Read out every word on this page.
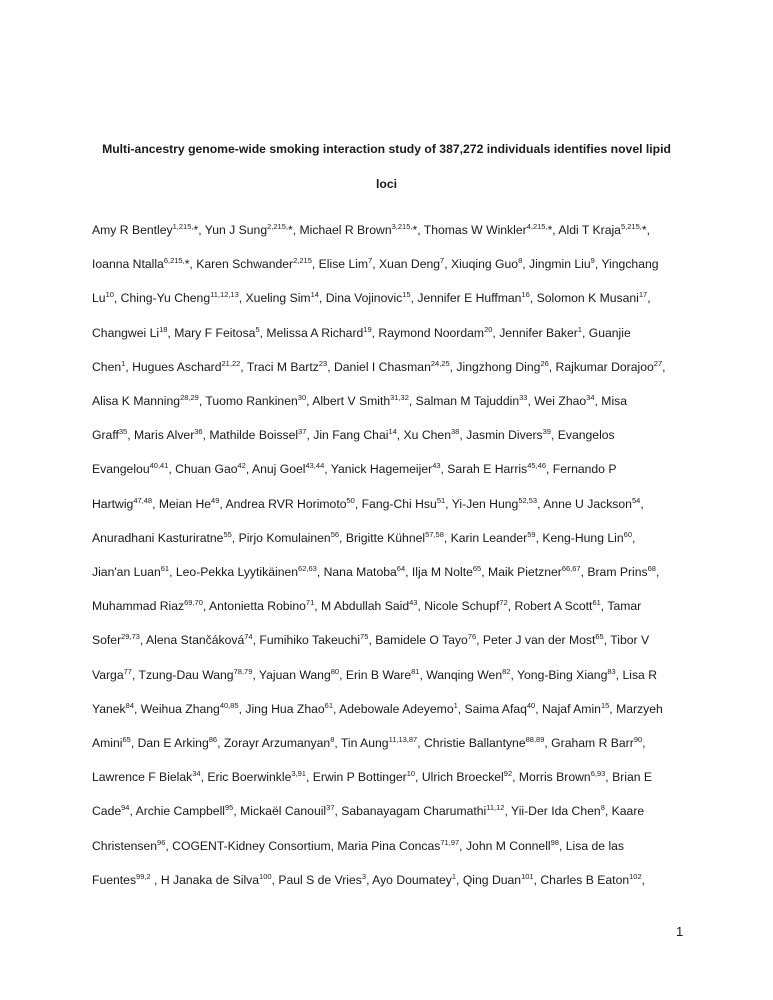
Multi-ancestry genome-wide smoking interaction study of 387,272 individuals identifies novel lipid
loci
Amy R Bentley$^{1,215,}$*, Yun J Sung$^{2,215,}$*, Michael R Brown$^{3,215,}$*, Thomas W Winkler$^{4,215,}$*, Aldi T Kraja$^{5,215,}$*,
Ioanna Ntalla$^{6,215,}$*, Karen Schwander$^{2,215}$, Elise Lim$^7$, Xuan Deng$^7$, Xiuqing Guo$^8$, Jingmin Liu$^9$, Yingchang
Lu$^{10}$, Ching-Yu Cheng$^{11,12,13}$, Xueling Sim$^{14}$, Dina Vojinovic$^{15}$, Jennifer E Huffman$^{16}$, Solomon K Musani$^{17}$,
Changwei Li$^{18}$, Mary F Feitosa$^5$, Melissa A Richard$^{19}$, Raymond Noordam$^{20}$, Jennifer Baker$^1$, Guanjie
Chen$^1$, Hugues Aschard$^{21,22}$, Traci M Bartz$^{23}$, Daniel I Chasman$^{24,25}$, Jingzhong Ding$^{26}$, Rajkumar Dorajoo$^{27}$,
Alisa K Manning$^{28,29}$, Tuomo Rankinen$^{30}$, Albert V Smith$^{31,32}$, Salman M Tajuddin$^{33}$, Wei Zhao$^{34}$, Misa
Graff$^{35}$, Maris Alver$^{36}$, Mathilde Boissel$^{37}$, Jin Fang Chai$^{14}$, Xu Chen$^{38}$, Jasmin Divers$^{39}$, Evangelos
Evangelou$^{40,41}$, Chuan Gao$^{42}$, Anuj Goel$^{43,44}$, Yanick Hagemeijer$^{43}$, Sarah E Harris$^{45,46}$, Fernando P
Hartwig$^{47,48}$, Meian He$^{49}$, Andrea RVR Horimoto$^{50}$, Fang-Chi Hsu$^{51}$, Yi-Jen Hung$^{52,53}$, Anne U Jackson$^{54}$,
Anuradhani Kasturiratne$^{55}$, Pirjo Komulainen$^{56}$, Brigitte Kühnel$^{57,58}$, Karin Leander$^{59}$, Keng-Hung Lin$^{60}$,
Jian'an Luan$^{61}$, Leo-Pekka Lyytikäinen$^{62,63}$, Nana Matoba$^{64}$, Ilja M Nolte$^{65}$, Maik Pietzner$^{66,67}$, Bram Prins$^{68}$,
Muhammad Riaz$^{69,70}$, Antonietta Robino$^{71}$, M Abdullah Said$^{43}$, Nicole Schupf$^{72}$, Robert A Scott$^{61}$, Tamar
Sofer$^{29,73}$, Alena Stančáková$^{74}$, Fumihiko Takeuchi$^{75}$, Bamidele O Tayo$^{76}$, Peter J van der Most$^{65}$, Tibor V
Varga$^{77}$, Tzung-Dau Wang$^{78,79}$, Yajuan Wang$^{80}$, Erin B Ware$^{81}$, Wanqing Wen$^{82}$, Yong-Bing Xiang$^{83}$, Lisa R
Yanek$^{84}$, Weihua Zhang$^{40,85}$, Jing Hua Zhao$^{61}$, Adebowale Adeyemo$^1$, Saima Afaq$^{40}$, Najaf Amin$^{15}$, Marzyeh
Amini$^{65}$, Dan E Arking$^{86}$, Zorayr Arzumanyan$^8$, Tin Aung$^{11,13,87}$, Christie Ballantyne$^{88,89}$, Graham R Barr$^{90}$,
Lawrence F Bielak$^{34}$, Eric Boerwinkle$^{3,91}$, Erwin P Bottinger$^{10}$, Ulrich Broeckel$^{92}$, Morris Brown$^{6,93}$, Brian E
Cade$^{94}$, Archie Campbell$^{95}$, Mickaël Canouil$^{37}$, Sabanayagam Charumathi$^{11,12}$, Yii-Der Ida Chen$^8$, Kaare
Christensen$^{96}$, COGENT-Kidney Consortium, Maria Pina Concas$^{71,97}$, John M Connell$^{98}$, Lisa de las
Fuentes$^{99,2}$ , H Janaka de Silva$^{100}$, Paul S de Vries$^3$, Ayo Doumatey$^1$, Qing Duan$^{101}$, Charles B Eaton$^{102}$,
1
